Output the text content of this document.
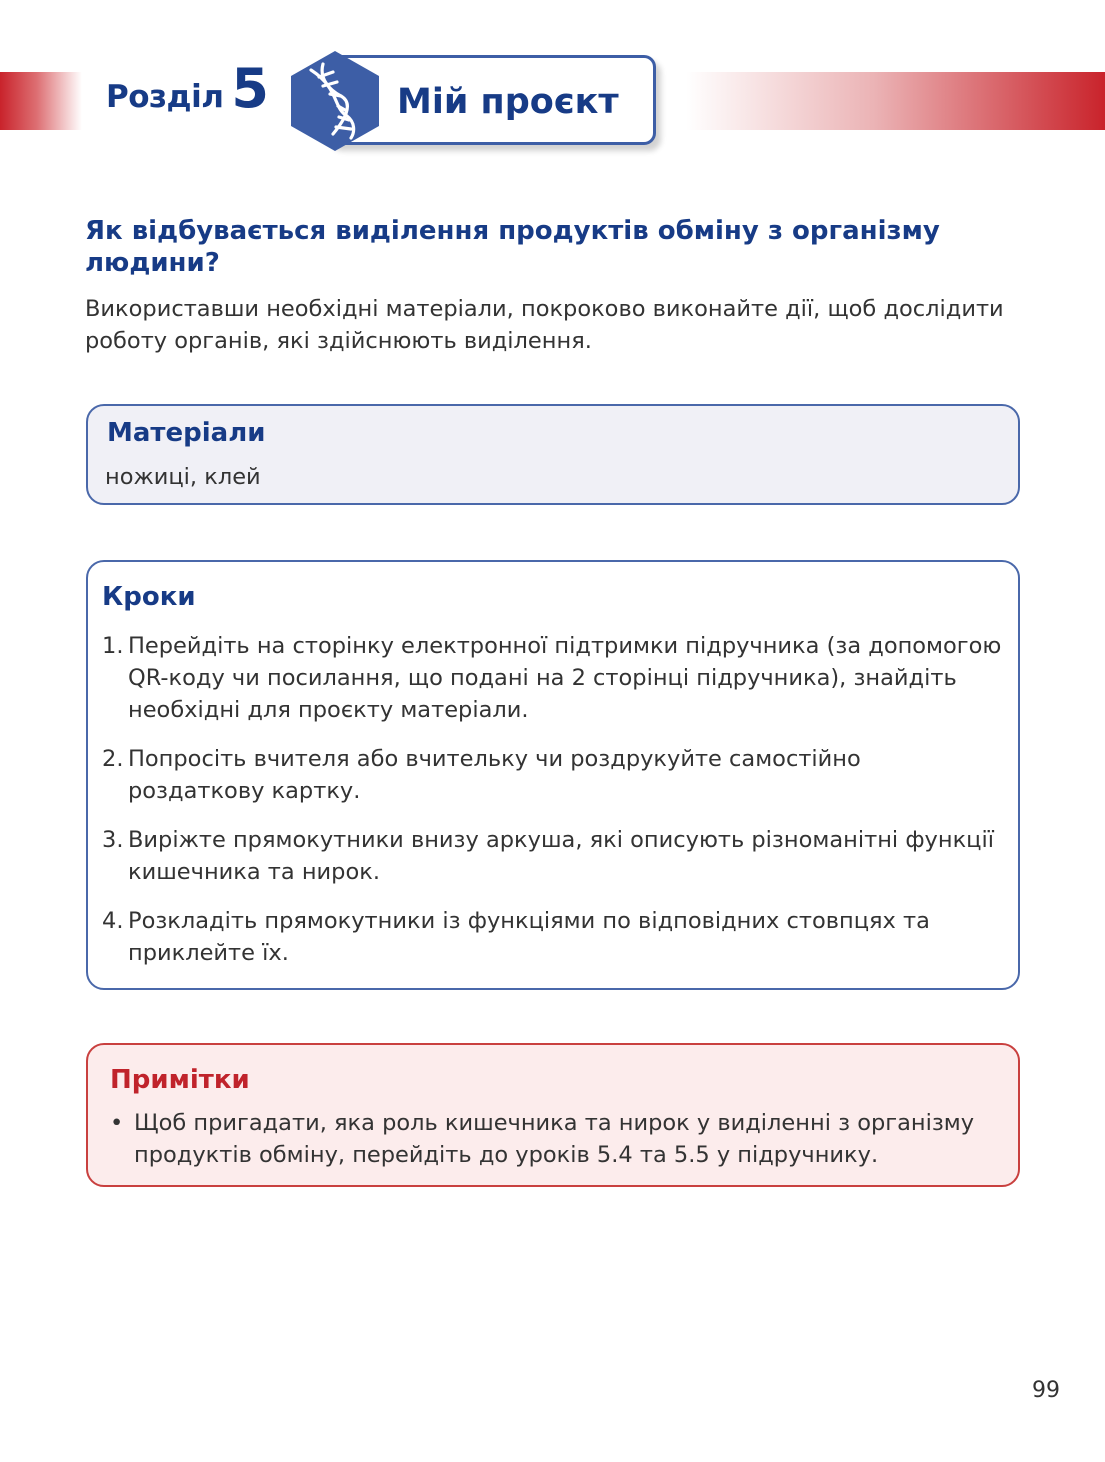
Розділ 5	Мій проєкт
Як відбувається виділення продуктів обміну з організму людини?

Використавши необхідні матеріали, покроково виконайте дії, щоб дослідити роботу органів, які здійснюють виділення.

Матеріали
ножиці, клей
Кроки
1. Перейдіть на сторінку електронної підтримки підручника (за допомогою QR-коду чи посилання, що подані на 2 сторінці підручника), знайдіть необхідні для проєкту матеріали.
2. Попросіть вчителя або вчительку чи роздрукуйте самостійно роздаткову картку.
3. Виріжте прямокутники внизу аркуша, які описують різноманітні функції кишечника та нирок.
4. Розкладіть прямокутники із функціями по відповідних стовпцях та приклейте їх.
Примітки
• Щоб пригадати, яка роль кишечника та нирок у виділенні з організму продуктів обміну, перейдіть до уроків 5.4 та 5.5 у підручнику.
99
